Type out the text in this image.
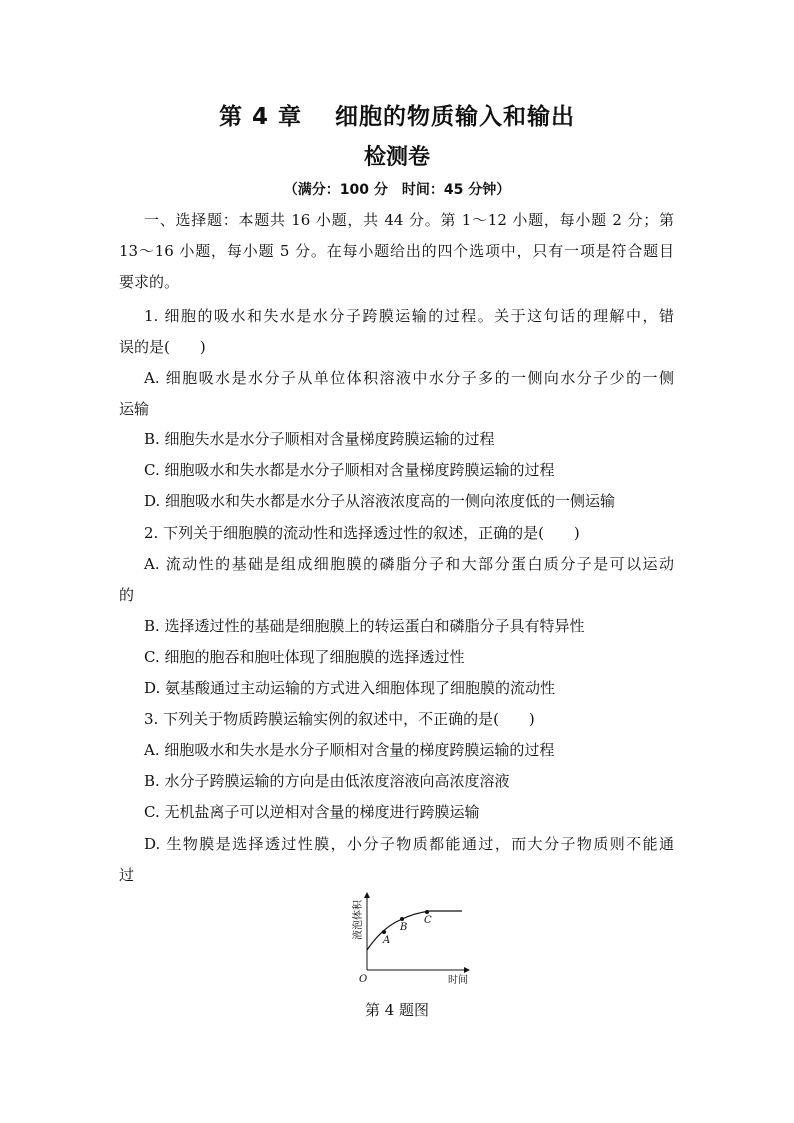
第 4 章　 细胞的物质输入和输出
检测卷
（满分：100 分　时间：45 分钟）
一、选择题：本题共 16 小题，共 44 分。第 1～12 小题，每小题 2 分；第
13～16 小题，每小题 5 分。在每小题给出的四个选项中，只有一项是符合题目
要求的。
1. 细胞的吸水和失水是水分子跨膜运输的过程。关于这句话的理解中，错
误的是(　　)
A. 细胞吸水是水分子从单位体积溶液中水分子多的一侧向水分子少的一侧
运输
B. 细胞失水是水分子顺相对含量梯度跨膜运输的过程
C. 细胞吸水和失水都是水分子顺相对含量梯度跨膜运输的过程
D. 细胞吸水和失水都是水分子从溶液浓度高的一侧向浓度低的一侧运输
2. 下列关于细胞膜的流动性和选择透过性的叙述，正确的是(　　)
A. 流动性的基础是组成细胞膜的磷脂分子和大部分蛋白质分子是可以运动
的
B. 选择透过性的基础是细胞膜上的转运蛋白和磷脂分子具有特异性
C. 细胞的胞吞和胞吐体现了细胞膜的选择透过性
D. 氨基酸通过主动运输的方式进入细胞体现了细胞膜的流动性
3. 下列关于物质跨膜运输实例的叙述中，不正确的是(　　)
A. 细胞吸水和失水是水分子顺相对含量的梯度跨膜运输的过程
B. 水分子跨膜运输的方向是由低浓度溶液向高浓度溶液
C. 无机盐离子可以逆相对含量的梯度进行跨膜运输
D. 生物膜是选择透过性膜，小分子物质都能通过，而大分子物质则不能通
过
A
B
C
O	时间
液泡体积
第 4 题图
